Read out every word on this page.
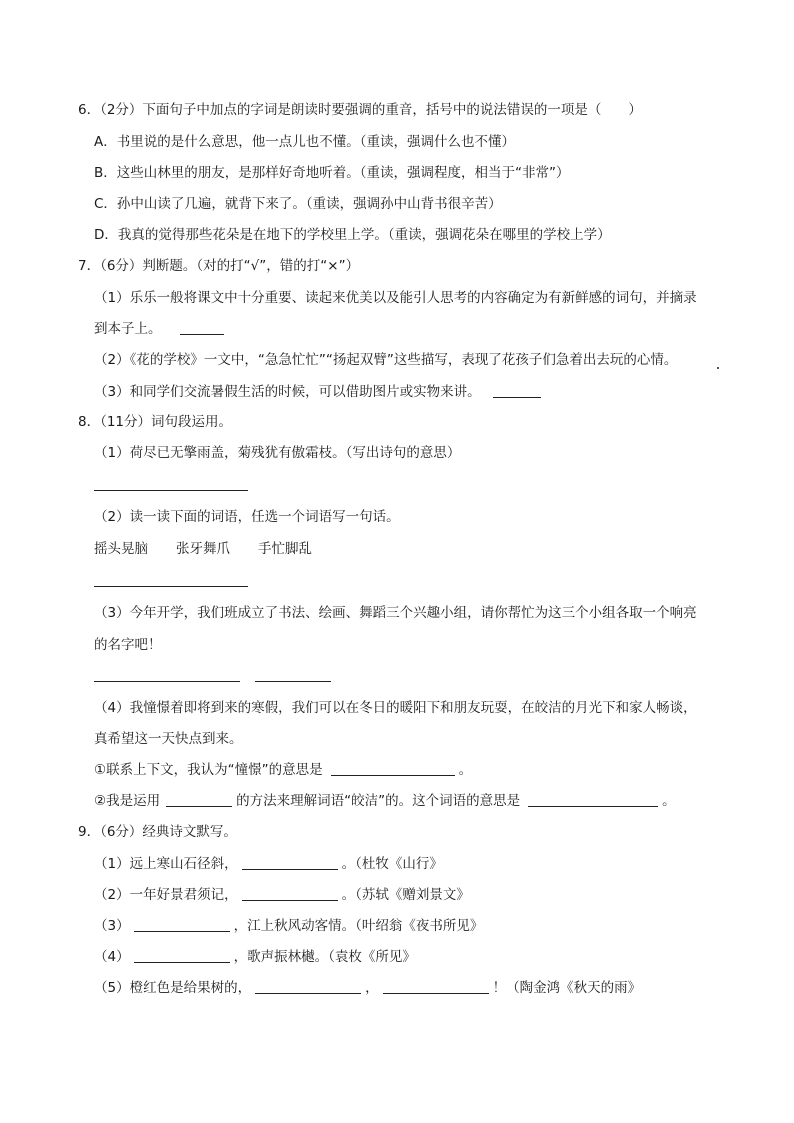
6．（2分）下面句子中加点的字词是朗读时要强调的重音，括号中的说法错误的一项是（　　）
A．书里说的是什么意思，他一点儿也不懂。（重读，强调什么也不懂）
B．这些山林里的朋友，是那样好奇地听着。（重读，强调程度，相当于“非常”）
C．孙中山读了几遍，就背下来了。（重读，强调孙中山背书很辛苦）
D．我真的觉得那些花朵是在地下的学校里上学。（重读，强调花朵在哪里的学校上学）
7．（6分）判断题。（对的打“√”，错的打“×”）
（1）乐乐一般将课文中十分重要、读起来优美以及能引人思考的内容确定为有新鲜感的词句，并摘录
到本子上。
（2）《花的学校》一文中，“急急忙忙”“扬起双臂”这些描写，表现了花孩子们急着出去玩的心情。
（3）和同学们交流暑假生活的时候，可以借助图片或实物来讲。
8．（11分）词句段运用。
（1）荷尽已无擎雨盖，菊残犹有傲霜枝。（写出诗句的意思）
（2）读一读下面的词语，任选一个词语写一句话。
摇头晃脑 张牙舞爪 手忙脚乱
（3）今年开学，我们班成立了书法、绘画、舞蹈三个兴趣小组，请你帮忙为这三个小组各取一个响亮
的名字吧！
（4）我憧憬着即将到来的寒假，我们可以在冬日的暖阳下和朋友玩耍，在皎洁的月光下和家人畅谈，
真希望这一天快点到来。
①联系上下文，我认为“憧憬”的意思是	。
②我是运用	的方法来理解词语“皎洁”的。这个词语的意思是	。
9．（6分）经典诗文默写。
（1）远上寒山石径斜，	。（杜牧《山行》
（2）一年好景君须记，	。（苏轼《赠刘景文》
（3）	，江上秋风动客情。（叶绍翁《夜书所见》
（4）	，歌声振林樾。（袁枚《所见》
（5）橙红色是给果树的，	，	！（陶金鸿《秋天的雨》
